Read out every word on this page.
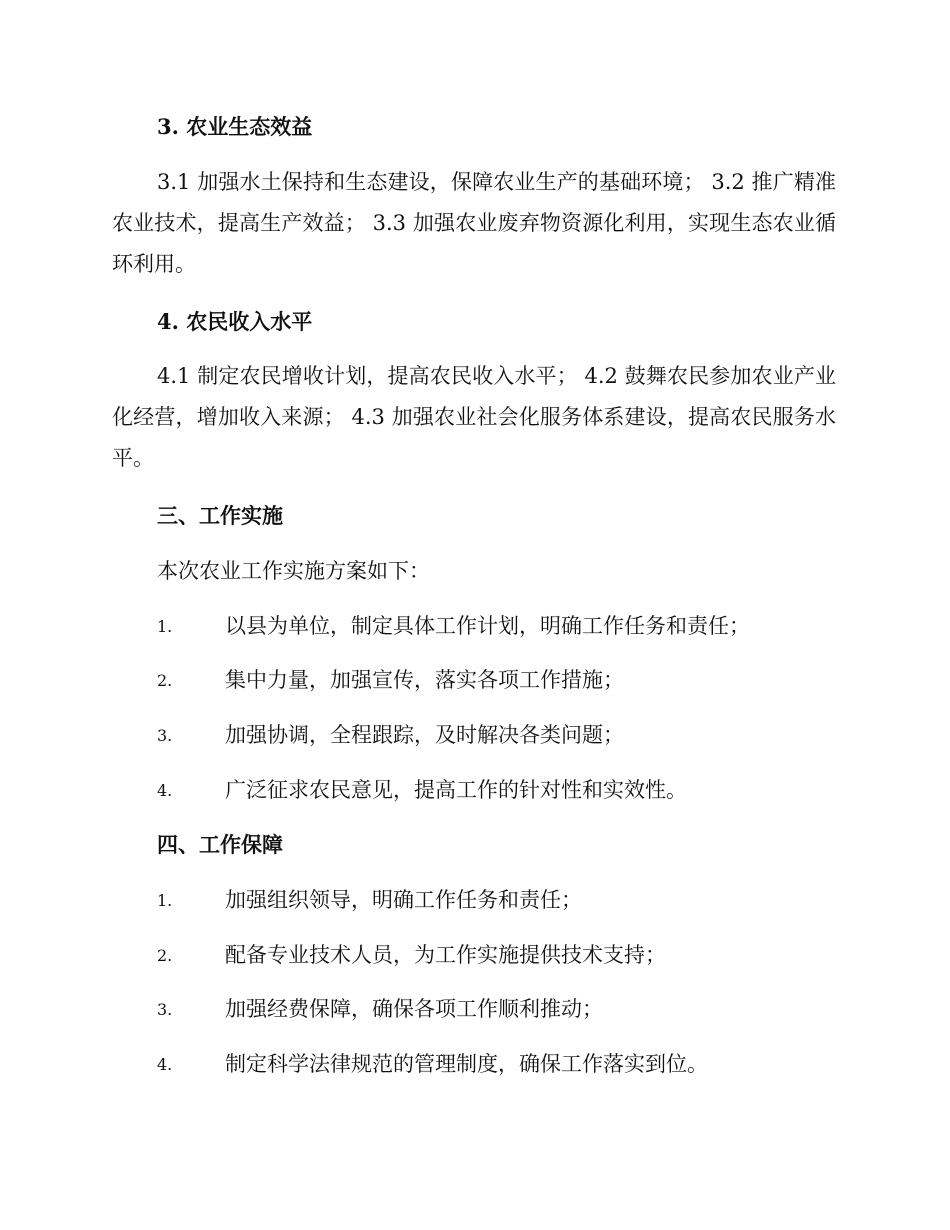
3. 农业生态效益
3.1 加强水土保持和生态建设，保障农业生产的基础环境； 3.2 推广精准农业技术，提高生产效益； 3.3 加强农业废弃物资源化利用，实现生态农业循环利用。
4. 农民收入水平
4.1 制定农民增收计划，提高农民收入水平； 4.2 鼓舞农民参加农业产业化经营，增加收入来源； 4.3 加强农业社会化服务体系建设，提高农民服务水平。
三、工作实施
本次农业工作实施方案如下：
1.	以县为单位，制定具体工作计划，明确工作任务和责任；
2.	集中力量，加强宣传，落实各项工作措施；
3.	加强协调，全程跟踪，及时解决各类问题；
4.	广泛征求农民意见，提高工作的针对性和实效性。
四、工作保障
1.	加强组织领导，明确工作任务和责任；
2.	配备专业技术人员，为工作实施提供技术支持；
3.	加强经费保障，确保各项工作顺利推动；
4.	制定科学法律规范的管理制度，确保工作落实到位。
